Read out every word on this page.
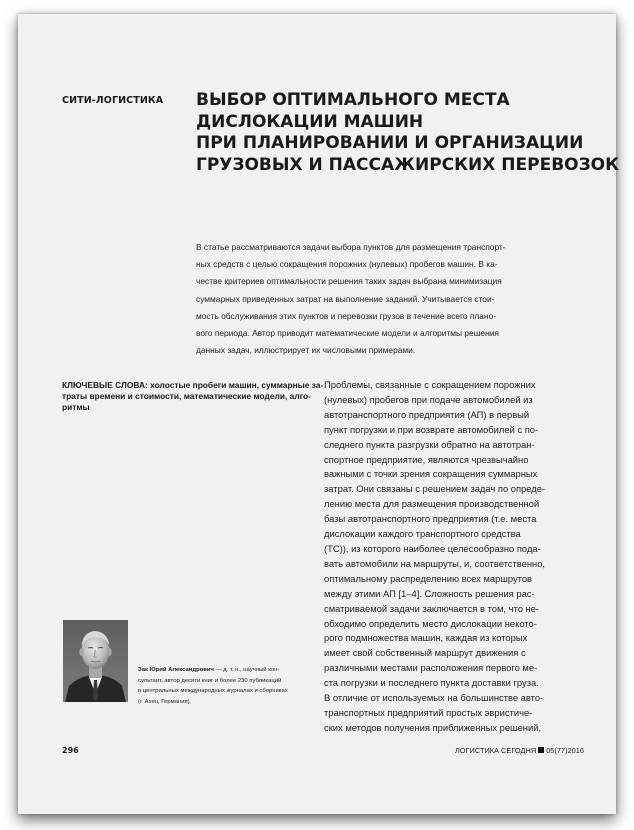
СИТИ-ЛОГИСТИКА ВЫБОР ОПТИМАЛЬНОГО МЕСТА
ДИСЛОКАЦИИ МАШИН
ПРИ ПЛАНИРОВАНИИ И ОРГАНИЗАЦИИ
ГРУЗОВЫХ И ПАССАЖИРСКИХ ПЕРЕВОЗОК
В статье рассматриваются задачи выбора пунктов для размещения транспорт-
ных средств с целью сокращения порожних (нулевых) пробегов машин. В ка-
честве критериев оптимальности решения таких задач выбрана минимизация
суммарных приведенных затрат на выполнение заданий. Учитывается стои-
мость обслуживания этих пунктов и перевозки грузов в течение всего плано-
вого периода. Автор приводит математические модели и алгоритмы решения
данных задач, иллюстрирует их числовыми примерами.
КЛЮЧЕВЫЕ СЛОВА: холостые пробеги машин, суммарные за-
траты времени и стоимости, математические модели, алго-
ритмы
Проблемы, связанные с сокращением порожних
(нулевых) пробегов при подаче автомобилей из
автотранспортного предприятия (АП) в первый
пункт погрузки и при возврате автомобилей с по-
следнего пункта разгрузки обратно на автотран-
спортное предприятие, являются чрезвычайно
важными с точки зрения сокращения суммарных
затрат. Они связаны с решением задач по опреде-
лению места для размещения производственной
базы автотранспортного предприятия (т.е. места
дислокации каждого транспортного средства
(ТС)), из которого наиболее целесообразно пода-
вать автомобили на маршруты, и, соответственно,
оптимальному распределению всех маршрутов
между этими АП [1–4]. Сложность решения рас-
сматриваемой задачи заключается в том, что не-
обходимо определить место дислокации некото-
рого подмножества машин, каждая из которых
имеет свой собственный маршрут движения с
различными местами расположения первого ме-
ста погрузки и последнего пункта доставки груза.
В отличие от используемых на большинстве авто-
транспортных предприятий простых эвристиче-
ских методов получения приближенных решений,
Зак Юрий Александрович — д. т. н., научный кон-
сультант, автор десяти книг и более 230 публикаций
в центральных международных журналах и сборниках
(г. Ахен, Германия)
296	ЛОГИСТИКА СЕГОДНЯ 05(77)2016
